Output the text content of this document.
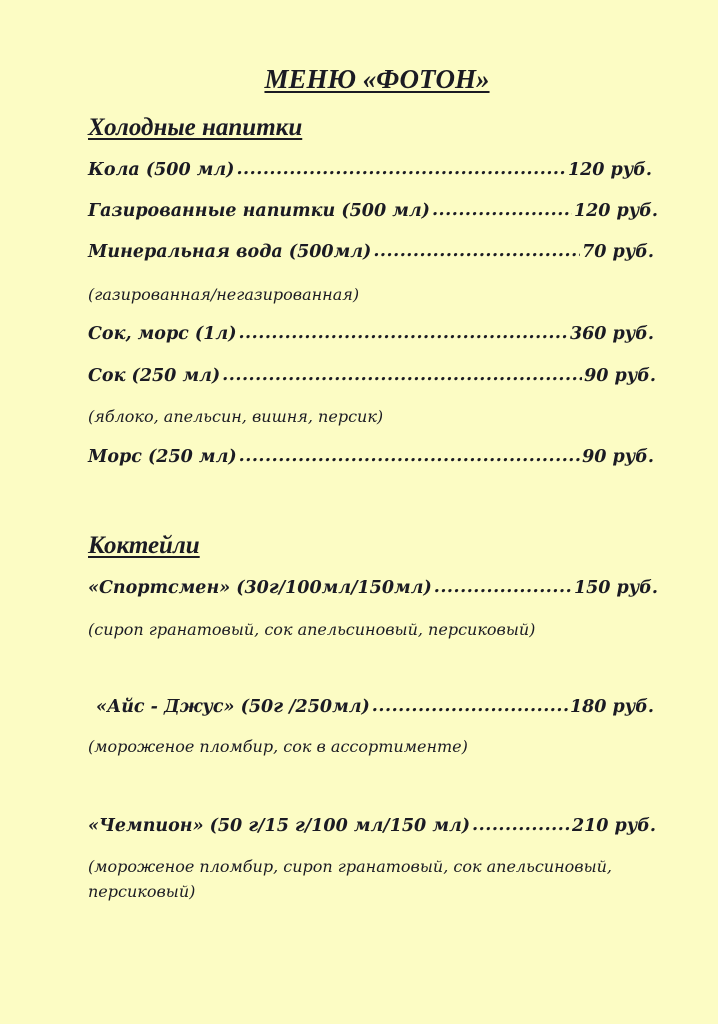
МЕНЮ «ФОТОН»
Холодные напитки
Кола (500 мл) .....	120 руб.
Газированные напитки (500 мл) .....	120 руб.
Минеральная вода (500мл) .....	70 руб.

(газированная/негазированная)

Сок, морс (1л) .....	360 руб.
Сок (250 мл) .....	90 руб.

(яблоко, апельсин, вишня, персик)

Морс (250 мл) .....	90 руб.
Коктейли
«Спортсмен» (30г/100мл/150мл) .....	150 руб.

(сироп гранатовый, сок апельсиновый, персиковый)

«Айс - Джус» (50г /250мл) .....	180 руб.

(мороженое пломбир, сок в ассортименте)

«Чемпион» (50 г/15 г/100 мл/150 мл) .....	210 руб.

(мороженое пломбир, сироп гранатовый, сок апельсиновый,

персиковый)
